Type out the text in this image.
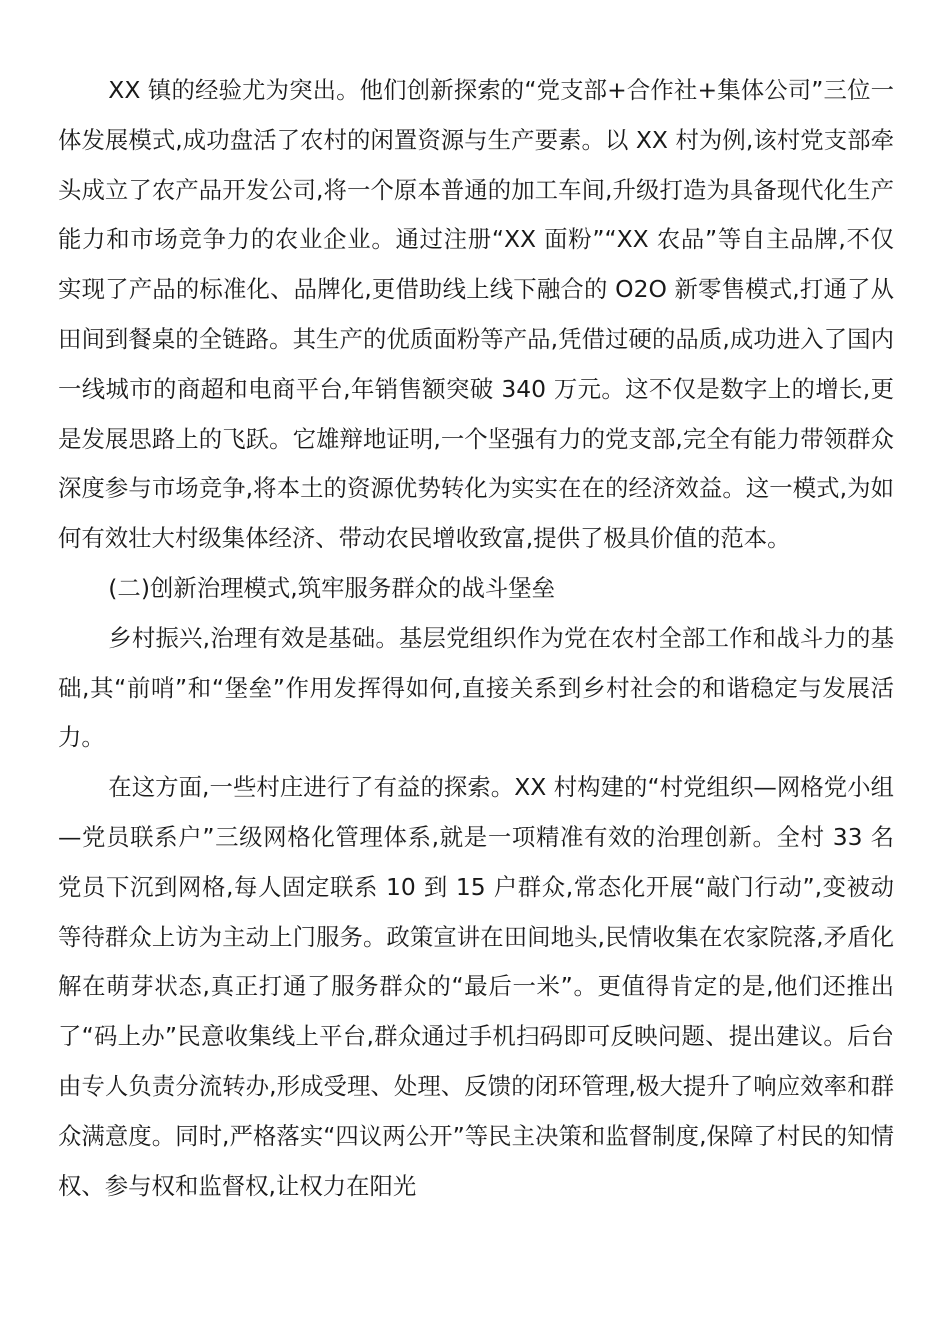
XX 镇的经验尤为突出。他们创新探索的“党支部+合作社+集体公司”三位一体发展模式,成功盘活了农村的闲置资源与生产要素。以 XX 村为例,该村党支部牵头成立了农产品开发公司,将一个原本普通的加工车间,升级打造为具备现代化生产能力和市场竞争力的农业企业。通过注册“XX 面粉”“XX 农品”等自主品牌,不仅实现了产品的标准化、品牌化,更借助线上线下融合的 O2O 新零售模式,打通了从田间到餐桌的全链路。其生产的优质面粉等产品,凭借过硬的品质,成功进入了国内一线城市的商超和电商平台,年销售额突破 340 万元。这不仅是数字上的增长,更是发展思路上的飞跃。它雄辩地证明,一个坚强有力的党支部,完全有能力带领群众深度参与市场竞争,将本土的资源优势转化为实实在在的经济效益。这一模式,为如何有效壮大村级集体经济、带动农民增收致富,提供了极具价值的范本。

(二)创新治理模式,筑牢服务群众的战斗堡垒

乡村振兴,治理有效是基础。基层党组织作为党在农村全部工作和战斗力的基础,其“前哨”和“堡垒”作用发挥得如何,直接关系到乡村社会的和谐稳定与发展活力。

在这方面,一些村庄进行了有益的探索。XX 村构建的“村党组织—网格党小组—党员联系户”三级网格化管理体系,就是一项精准有效的治理创新。全村 33 名党员下沉到网格,每人固定联系 10 到 15 户群众,常态化开展“敲门行动”,变被动等待群众上访为主动上门服务。政策宣讲在田间地头,民情收集在农家院落,矛盾化解在萌芽状态,真正打通了服务群众的“最后一米”。更值得肯定的是,他们还推出了“码上办”民意收集线上平台,群众通过手机扫码即可反映问题、提出建议。后台由专人负责分流转办,形成受理、处理、反馈的闭环管理,极大提升了响应效率和群众满意度。同时,严格落实“四议两公开”等民主决策和监督制度,保障了村民的知情权、参与权和监督权,让权力在阳光
